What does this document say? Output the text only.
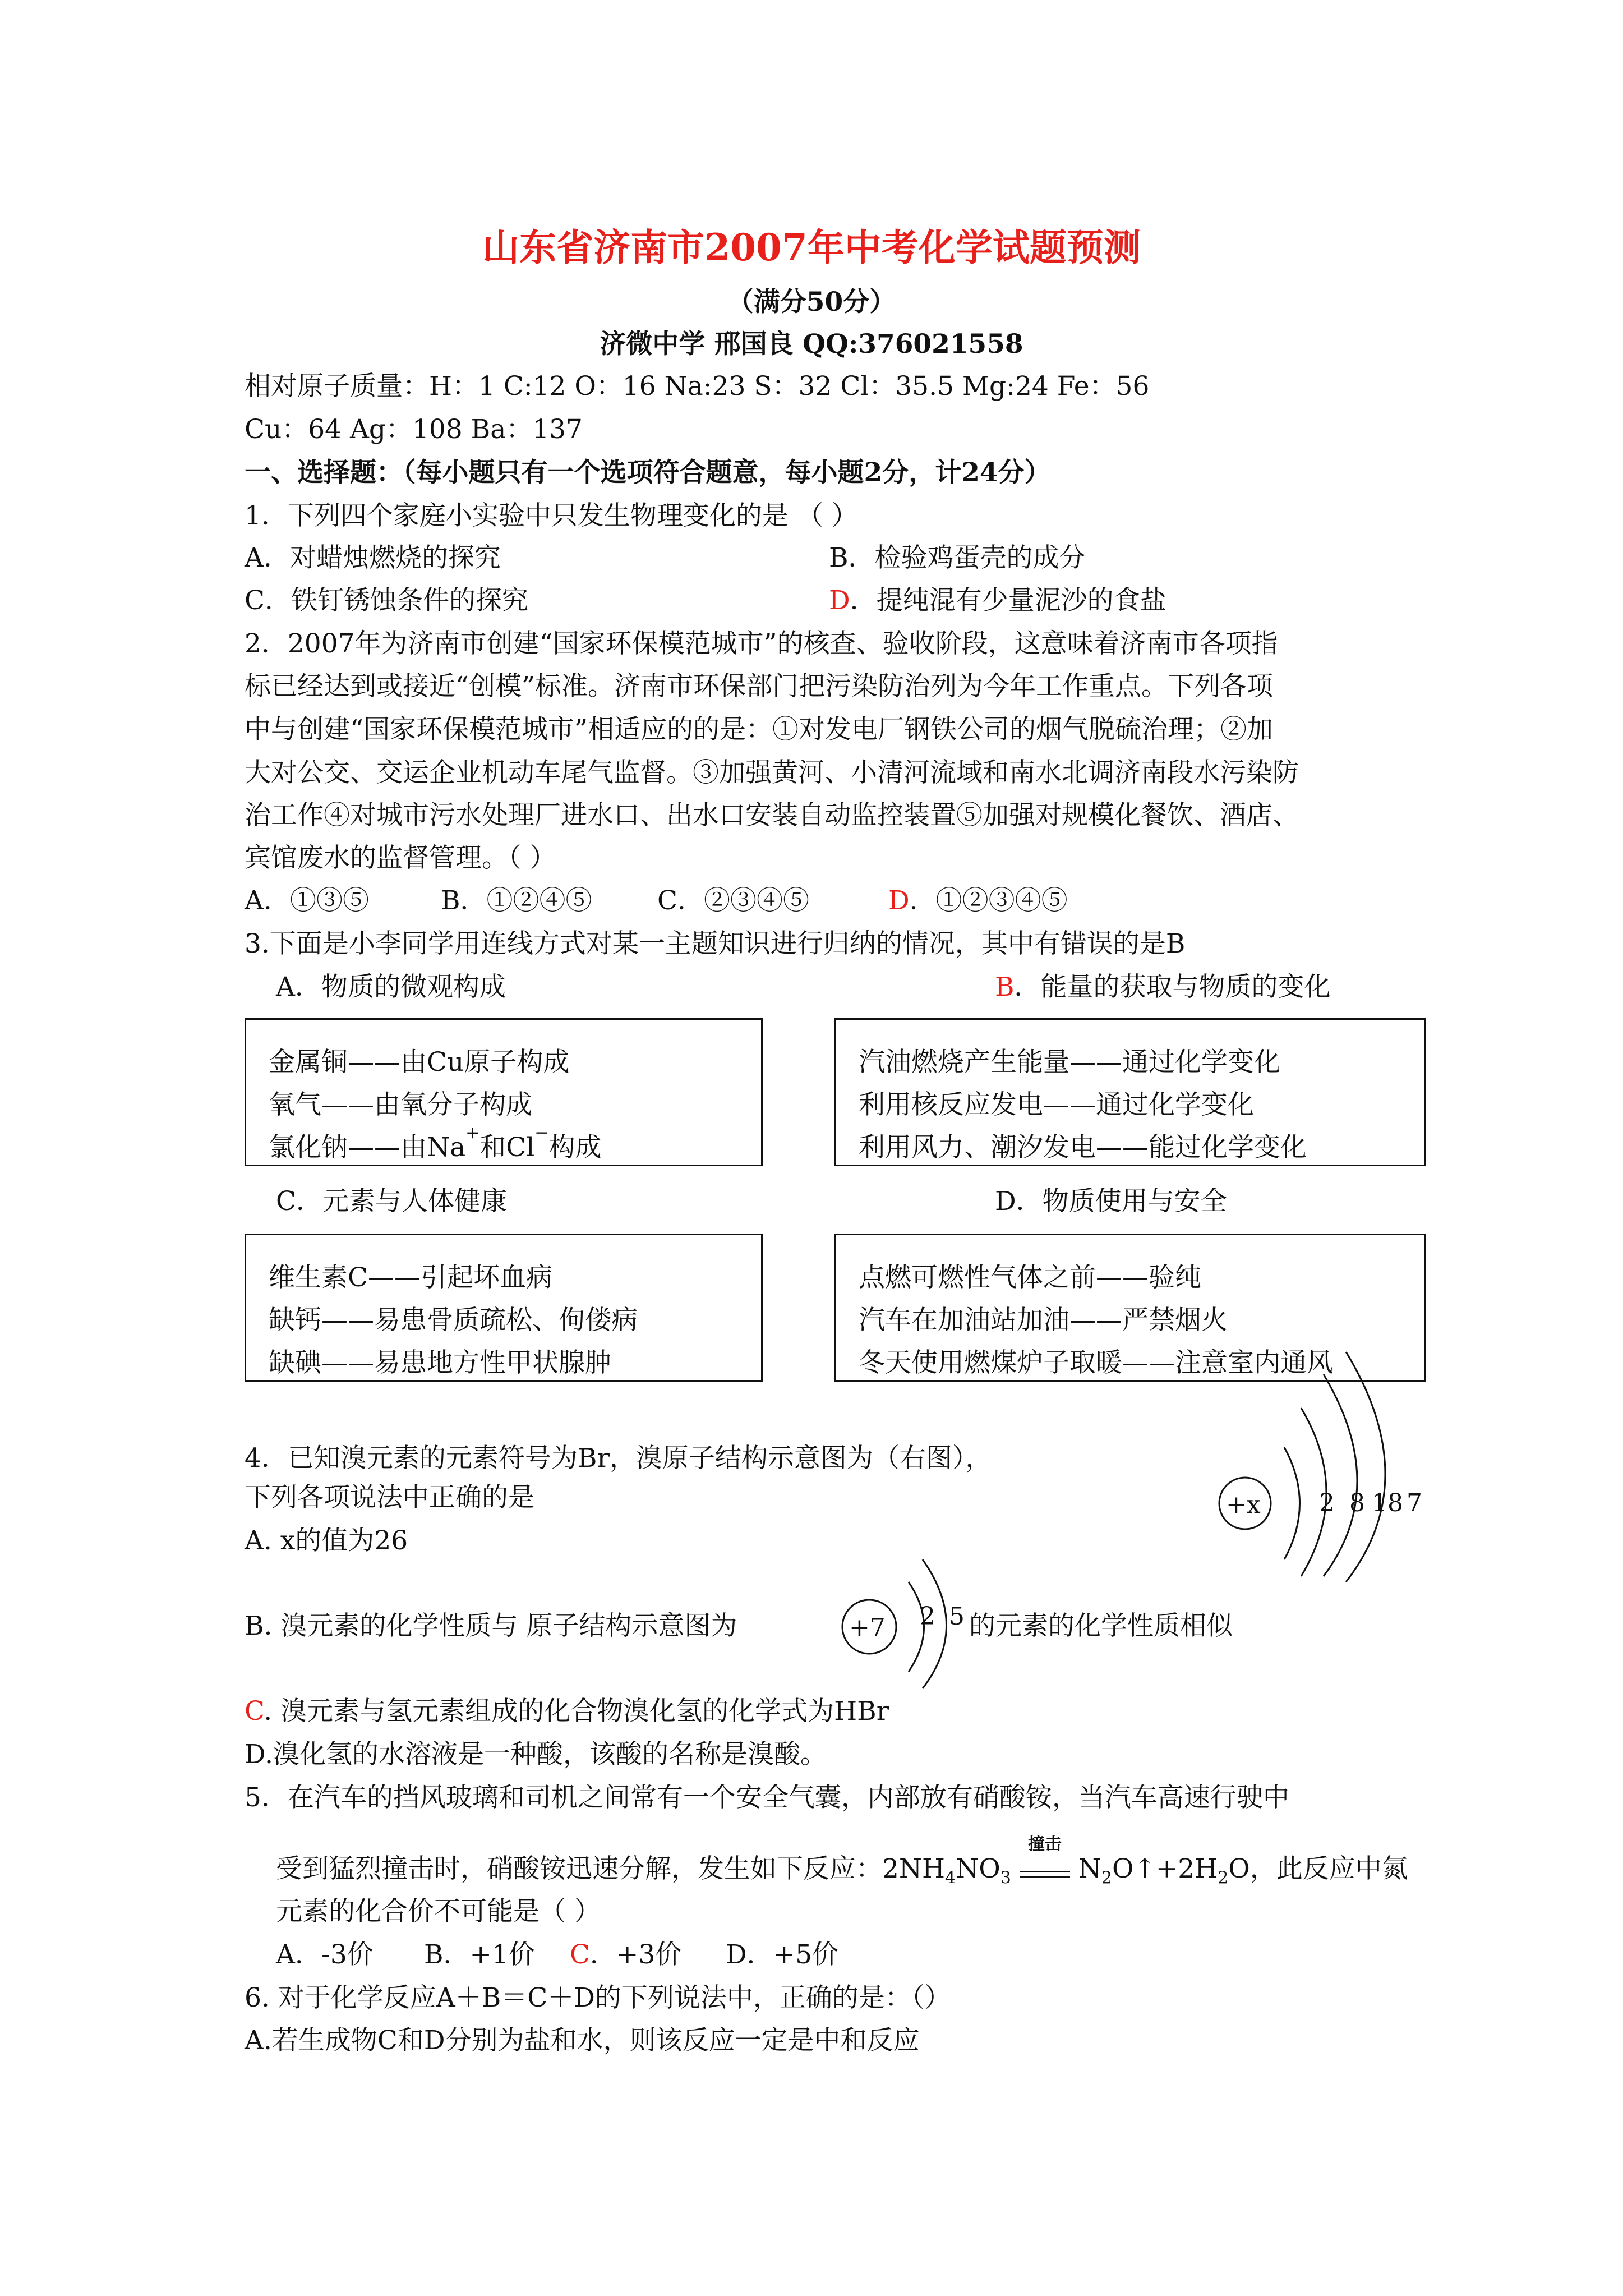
山东省济南市2007年中考化学试题预测
（满分50分）
济微中学 邢国良 QQ:376021558
相对原子质量：H：1 C:12 O：16 Na:23 S：32 Cl：35.5 Mg:24 Fe：56
Cu：64 Ag：108 Ba：137
一、选择题：（每小题只有一个选项符合题意，每小题2分，计24分）
1．下列四个家庭小实验中只发生物理变化的是 （ ）
A．对蜡烛燃烧的探究	B．检验鸡蛋壳的成分
C．铁钉锈蚀条件的探究	D．提纯混有少量泥沙的食盐
2．2007年为济南市创建“国家环保模范城市”的核查、验收阶段，这意味着济南市各项指
标已经达到或接近“创模”标准。济南市环保部门把污染防治列为今年工作重点。下列各项
中与创建“国家环保模范城市”相适应的的是：①对发电厂钢铁公司的烟气脱硫治理；②加
大对公交、交运企业机动车尾气监督。③加强黄河、小清河流域和南水北调济南段水污染防
治工作④对城市污水处理厂进水口、出水口安装自动监控装置⑤加强对规模化餐饮、酒店、
宾馆废水的监督管理。（ ）
A．①③⑤	B．①②④⑤ C．②③④⑤	D．①②③④⑤
3.下面是小李同学用连线方式对某一主题知识进行归纳的情况，其中有错误的是B
A．物质的微观构成	B．能量的获取与物质的变化
金属铜——由Cu原子构成
氧气——由氧分子构成
氯化钠——由Na+和Cl−构成
汽油燃烧产生能量——通过化学变化
利用核反应发电——通过化学变化
利用风力、潮汐发电——能过化学变化
C．元素与人体健康	D．物质使用与安全
维生素C——引起坏血病
缺钙——易患骨质疏松、佝偻病
缺碘——易患地方性甲状腺肿
点燃可燃性气体之前——验纯
汽车在加油站加油——严禁烟火
冬天使用燃煤炉子取暖——注意室内通风
4．已知溴元素的元素符号为Br，溴原子结构示意图为（右图），
下列各项说法中正确的是
A. x的值为26
+x 2 8 18 7
B. 溴元素的化学性质与 原子结构示意图为	+7 2 5 的元素的化学性质相似
C. 溴元素与氢元素组成的化合物溴化氢的化学式为HBr
D.溴化氢的水溶液是一种酸，该酸的名称是溴酸。
5．在汽车的挡风玻璃和司机之间常有一个安全气囊，内部放有硝酸铵，当汽车高速行驶中
受到猛烈撞击时，硝酸铵迅速分解，发生如下反应：$2NH_4NO_3$
撞击
$N_2O↑+2H_2O$，此反应中氮
元素的化合价不可能是（ ）
A．-3价 B．+1价 C．+3价 D．+5价
6. 对于化学反应A＋B＝C＋D的下列说法中，正确的是：（）
A.若生成物C和D分别为盐和水，则该反应一定是中和反应
